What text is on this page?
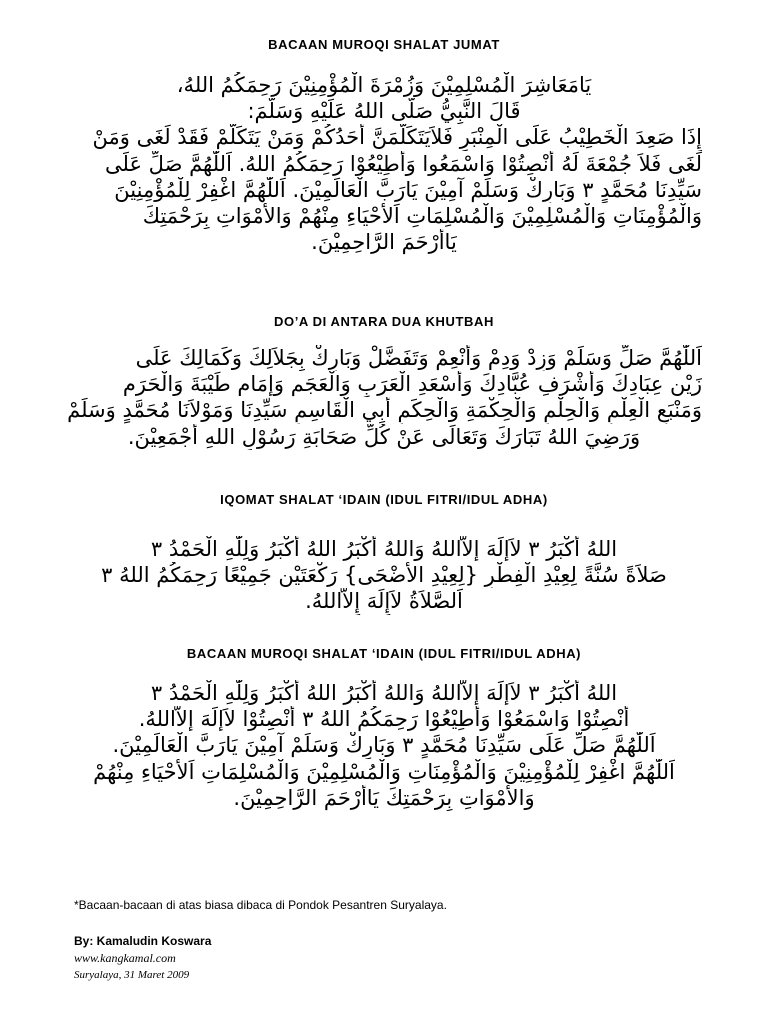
BACAAN MUROQI SHALAT JUMAT
يَامَعَاشِرَ الْمُسْلِمِيْنَ وَزُمْرَةَ الْمُؤْمِنِيْنَ رَحِمَكُمُ اللهُ،
قَالَ النَّبِيُّ صَلَّى اللهُ عَلَيْهِ وَسَلَّمَ:
إِذَا صَعِدَ الْخَطِيْبُ عَلَى الْمِنْبَرِ فَلاَيَتَكَلَّمَنَّ أَحَدُكُمْ وَمَنْ يَتَكَلَّمْ فَقَدْ لَغَى وَمَنْ
لَغَى فَلاَ جُمْعَةَ لَهُ أَنْصِتُوْا وَاسْمَعُوا وَأَطِيْعُوْا رَحِمَكُمُ اللهُ. اَللّٰهُمَّ صَلِّ عَلَى
سَيِّدِنَا مُحَمَّدٍ ٣ وَبَارِكْ وَسَلِّمْ آمِيْنَ يَارَبَّ الْعَالَمِيْنَ. اَللّٰهُمَّ اغْفِرْ لِلْمُؤْمِنِيْنَ
وَالْمُؤْمِنَاتِ وَالْمُسْلِمِيْنَ وَالْمُسْلِمَاتِ اَلأَحْيَاءِ مِنْهُمْ وَالأَمْوَاتِ بِرَحْمَتِكَ
يَاأَرْحَمَ الرَّاحِمِيْنَ.
DO’A DI ANTARA DUA KHUTBAH
اَللّٰهُمَّ صَلِّ وَسَلِّمْ وَزِدْ وَدِمْ وَأَنْعِمْ وَتَفَضَّلْ وَبَارِكْ بِجَلاَلِكَ وَكَمَالِكَ عَلَى
زَيْنِ عِبَادِكَ وَأَشْرَفِ عُبَّادِكَ وَأَسْعَدِ الْعَرَبِ وَالْعَجَمِ وَإِمَامِ طَيْبَةَ وَالْحَرَمِ
وَمَنْبَعِ الْعِلْمِ وَالْحِلْمِ وَالْحِكْمَةِ وَالْحِكَمِ أَبِي الْقَاسِمِ سَيِّدِنَا وَمَوْلاَنَا مُحَمَّدٍ وَسَلِّمْ
وَرَضِيَ اللهُ تَبَارَكَ وَتَعَالَى عَنْ كُلِّ صَحَابَةِ رَسُوْلِ اللهِ أَجْمَعِيْنَ.
IQOMAT SHALAT ‘IDAIN (IDUL FITRI/IDUL ADHA)
اللهُ أَكْبَرُ ٣ لاَإِلَهَ إِلاَّاللهُ وَاللهُ أَكْبَرُ اللهُ أَكْبَرُ وَلِلّٰهِ الْحَمْدُ ٣
صَلاَةً سُنَّةً لِعِيْدِ الْفِطْرِ {لِعِيْدِ الأَضْحَى} رَكْعَتَيْنِ جَمِيْعًا رَحِمَكُمُ اللهُ ٣
اَلصَّلاَةُ لاَإِلَهَ إِلاَّاللهُ.
BACAAN MUROQI SHALAT ‘IDAIN (IDUL FITRI/IDUL ADHA)
اللهُ أَكْبَرُ ٣ لاَإِلَهَ إِلاَّاللهُ وَاللهُ أَكْبَرُ اللهُ أَكْبَرُ وَلِلّٰهِ الْحَمْدُ ٣
أَنْصِتُوْا وَاسْمَعُوْا وَأَطِيْعُوْا رَحِمَكُمُ اللهُ ٣ أَنْصِتُوْا لاَإِلَهَ إِلاَّاللهُ.
اَللّٰهُمَّ صَلِّ عَلَى سَيِّدِنَا مُحَمَّدٍ ٣ وَبَارِكْ وَسَلِّمْ آمِيْنَ يَارَبَّ الْعَالَمِيْنَ.
اَللّٰهُمَّ اغْفِرْ لِلْمُؤْمِنِيْنَ وَالْمُؤْمِنَاتِ وَالْمُسْلِمِيْنَ وَالْمُسْلِمَاتِ اَلأَحْيَاءِ مِنْهُمْ
وَالأَمْوَاتِ بِرَحْمَتِكَ يَاأَرْحَمَ الرَّاحِمِيْنَ.
*Bacaan-bacaan di atas biasa dibaca di Pondok Pesantren Suryalaya.
By: Kamaludin Koswara
www.kangkamal.com
Suryalaya, 31 Maret 2009
